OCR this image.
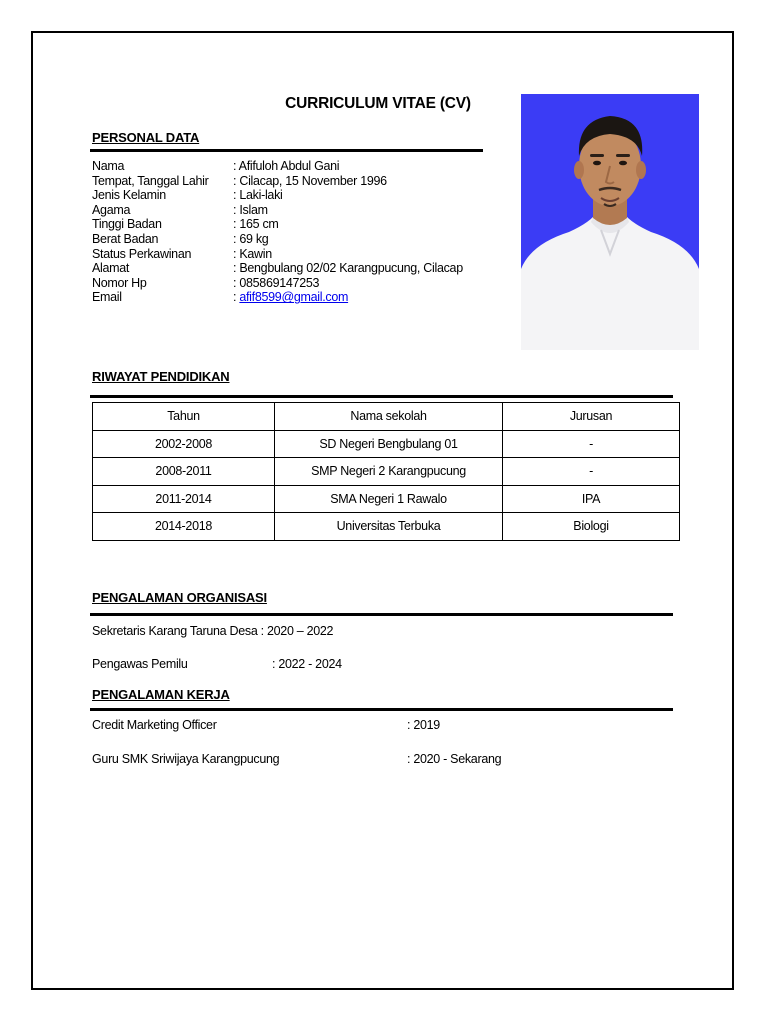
CURRICULUM VITAE (CV)
PERSONAL DATA
Nama	: Afifuloh Abdul Gani
Tempat, Tanggal Lahir	: Cilacap, 15 November 1996
Jenis Kelamin	: Laki-laki
Agama	: Islam
Tinggi Badan	: 165 cm
Berat Badan	: 69 kg
Status Perkawinan	: Kawin
Alamat	: Bengbulang 02/02 Karangpucung, Cilacap
Nomor Hp	: 085869147253
Email	: afif8599@gmail.com
RIWAYAT PENDIDIKAN
Tahun	Nama sekolah	Jurusan
2002-2008	SD Negeri Bengbulang 01	-
2008-2011	SMP Negeri 2 Karangpucung	-
2011-2014	SMA Negeri 1 Rawalo	IPA
2014-2018	Universitas Terbuka	Biologi
PENGALAMAN ORGANISASI
Sekretaris Karang Taruna Desa : 2020 – 2022
Pengawas Pemilu	: 2022 - 2024
PENGALAMAN KERJA
Credit Marketing Officer	: 2019
Guru SMK Sriwijaya Karangpucung	: 2020 - Sekarang
